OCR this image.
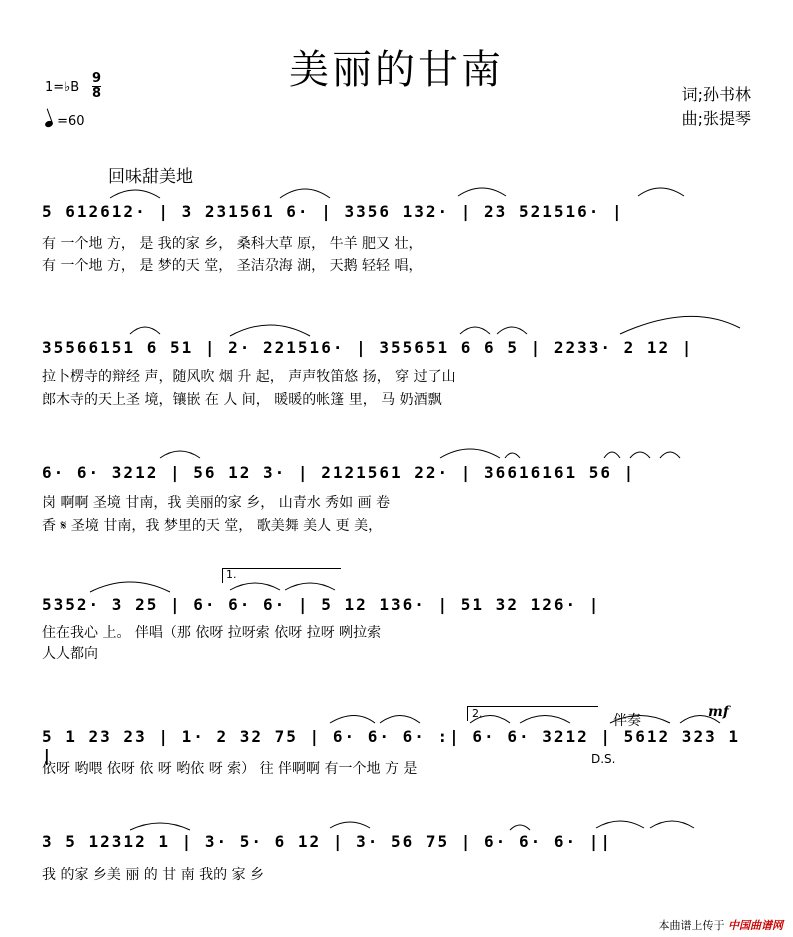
美丽的甘南
1=♭B $\frac{9}{8}$
=60
词;孙书林
曲;张提琴
回味甜美地
5 612612· | 3 231561 6· | 3356 132· | 23 521516· |
有 一个地 方， 是 我的家 乡， 桑科大草 原， 牛羊 肥又 壮，
有 一个地 方， 是 梦的天 堂， 圣洁尕海 湖， 天鹅 轻轻 唱，
35566151 6 51 | 2· 221516· | 355651 6 6 5 | 2233· 2 12 |
拉卜楞寺的辩经 声，随风吹 烟 升 起， 声声牧笛悠 扬， 穿 过了山
郎木寺的天上圣 境，镶嵌 在 人 间， 暖暖的帐篷 里， 马 奶酒飘
6· 6· 3212 | 56 12 3· | 2121561 22· | 36616161 56 |
岗 啊啊 圣境 甘南，我 美丽的家 乡， 山青水 秀如 画 卷
香 𝄋 圣境 甘南，我 梦里的天 堂， 歌美舞 美人 更 美，
5352· 3 25 | 6· 6· 6· | 5 12 136· | 51 32 126· |
住在我心 上。 伴唱（那 依呀 拉呀索 依呀 拉呀 咧拉索
人人都向
5 1 23 23 | 1· 2 32 75 | 6· 6· 6· :| 6· 6· 3212 | 5612 323 1 |
依呀 哟喂 依呀 依 呀 哟依 呀 索） 往 伴啊啊 有一个地 方 是
3 5 12312 1 | 3· 5· 6 12 | 3· 56 75 | 6· 6· 6· ||
我 的家 乡美 丽 的 甘 南 我的 家 乡
1.
2.	伴奏
mf
D.S.
本曲谱上传于 中国曲谱网
